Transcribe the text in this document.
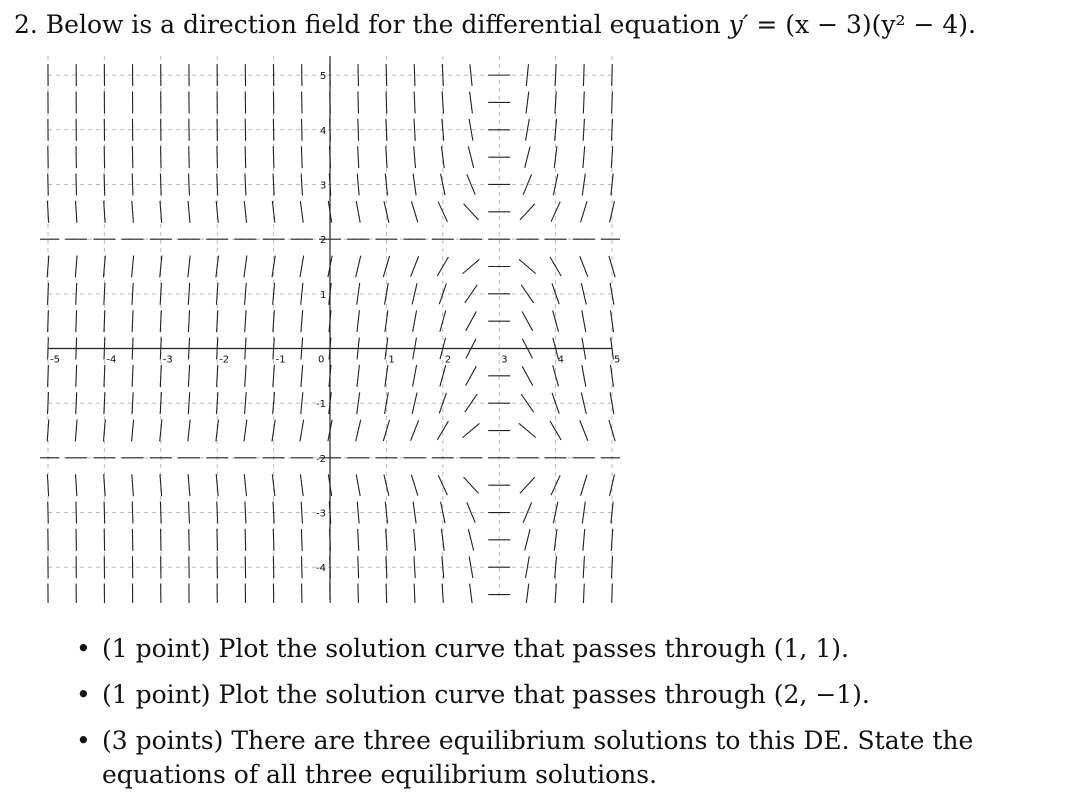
2. Below is a direction field for the differential equation y′ = (x − 3)(y² − 4).
-5	-4	-3	-2	-1	0	1	2	3	4	5
5
4
3
2
1
-1
-2
-3
-4
• (1 point) Plot the solution curve that passes through (1, 1).
• (1 point) Plot the solution curve that passes through (2, −1).
• (3 points) There are three equilibrium solutions to this DE. State the equations of all three equilibrium solutions.
